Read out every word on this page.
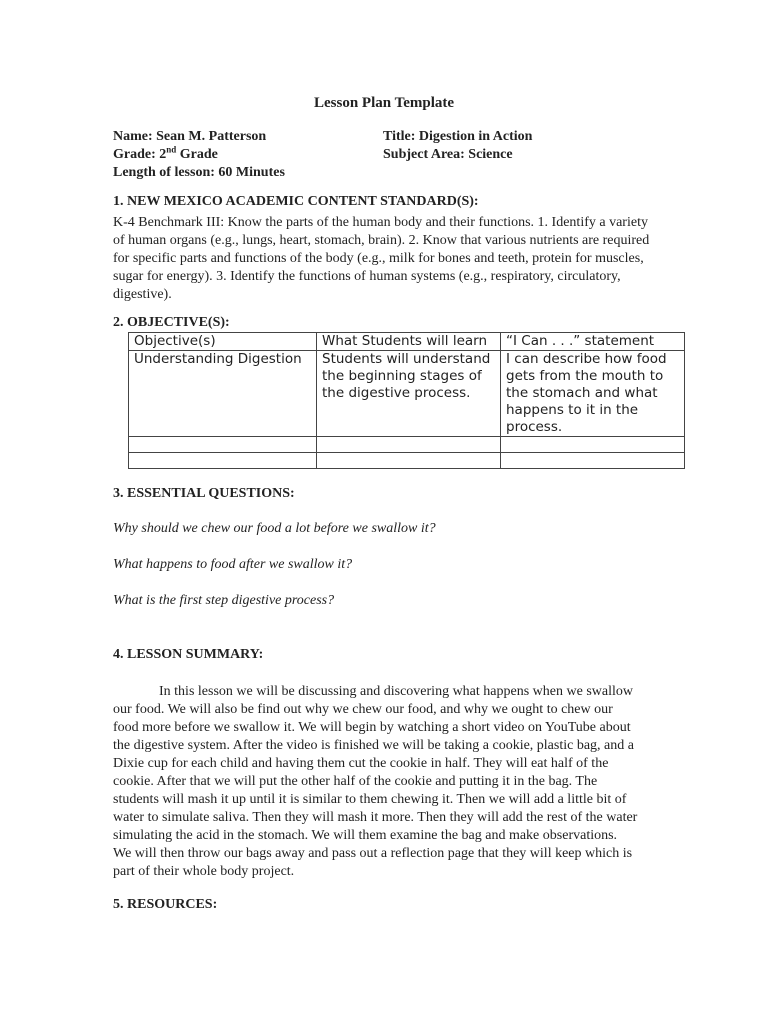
Lesson Plan Template
Name: Sean M. Patterson	Title: Digestion in Action
Grade: 2nd Grade	Subject Area: Science
Length of lesson: 60 Minutes
1. NEW MEXICO ACADEMIC CONTENT STANDARD(S):
K-4 Benchmark III: Know the parts of the human body and their functions. 1. Identify a variety of human organs (e.g., lungs, heart, stomach, brain). 2. Know that various nutrients are required for specific parts and functions of the body (e.g., milk for bones and teeth, protein for muscles, sugar for energy). 3. Identify the functions of human systems (e.g., respiratory, circulatory, digestive).
2. OBJECTIVE(S):
Objective(s)	What Students will learn	“I Can . . .” statement
Understanding Digestion	Students will understand the beginning stages of the digestive process.	I can describe how food gets from the mouth to the stomach and what happens to it in the process.

3. ESSENTIAL QUESTIONS:
Why should we chew our food a lot before we swallow it?
What happens to food after we swallow it?
What is the first step digestive process?
4. LESSON SUMMARY:
In this lesson we will be discussing and discovering what happens when we swallow our food. We will also be find out why we chew our food, and why we ought to chew our food more before we swallow it. We will begin by watching a short video on YouTube about the digestive system. After the video is finished we will be taking a cookie, plastic bag, and a Dixie cup for each child and having them cut the cookie in half. They will eat half of the cookie. After that we will put the other half of the cookie and putting it in the bag. The students will mash it up until it is similar to them chewing it. Then we will add a little bit of water to simulate saliva. Then they will mash it more. Then they will add the rest of the water simulating the acid in the stomach. We will them examine the bag and make observations. We will then throw our bags away and pass out a reflection page that they will keep which is part of their whole body project.
5. RESOURCES:
